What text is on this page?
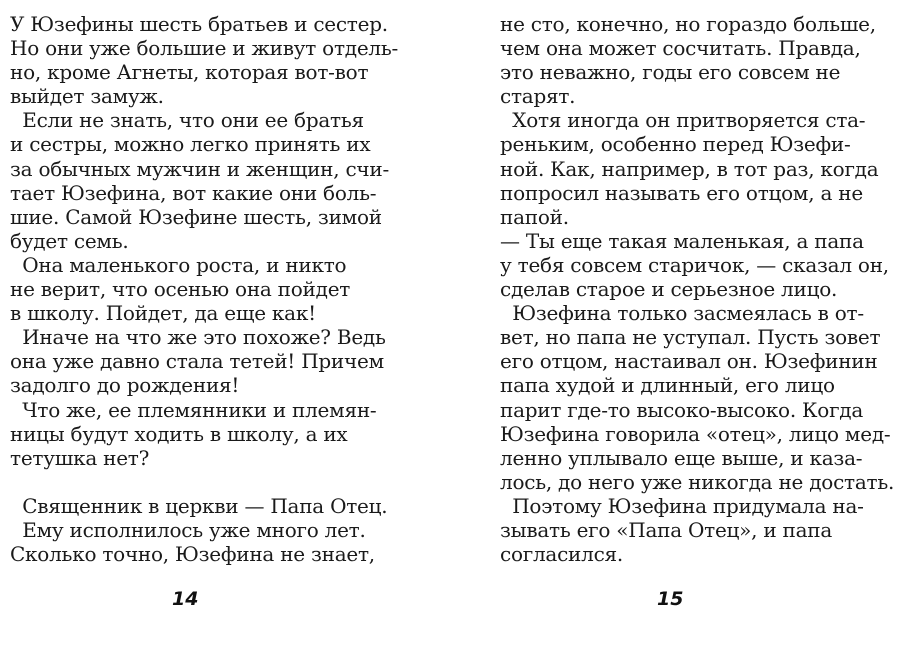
У Юзефины шесть братьев и сестер.
Но они уже большие и живут отдель-
но, кроме Агнеты, которая вот-вот
выйдет замуж.
Если не знать, что они ее братья
и сестры, можно легко принять их
за обычных мужчин и женщин, счи-
тает Юзефина, вот какие они боль-
шие. Самой Юзефине шесть, зимой
будет семь.
Она маленького роста, и никто
не верит, что осенью она пойдет
в школу. Пойдет, да еще как!
Иначе на что же это похоже? Ведь
она уже давно стала тетей! Причем
задолго до рождения!
Что же, ее племянники и племян-
ницы будут ходить в школу, а их
тетушка нет?
Священник в церкви — Папа Отец.
Ему исполнилось уже много лет.
Сколько точно, Юзефина не знает,
не сто, конечно, но гораздо больше,
чем она может сосчитать. Правда,
это неважно, годы его совсем не
старят.
Хотя иногда он притворяется ста-
реньким, особенно перед Юзефи-
ной. Как, например, в тот раз, когда
попросил называть его отцом, а не
папой.
— Ты еще такая маленькая, а папа
у тебя совсем старичок, — сказал он,
сделав старое и серьезное лицо.
Юзефина только засмеялась в от-
вет, но папа не уступал. Пусть зовет
его отцом, настаивал он. Юзефинин
папа худой и длинный, его лицо
парит где-то высоко-высоко. Когда
Юзефина говорила «отец», лицо мед-
ленно уплывало еще выше, и каза-
лось, до него уже никогда не достать.
Поэтому Юзефина придумала на-
зывать его «Папа Отец», и папа
согласился.
14	15
